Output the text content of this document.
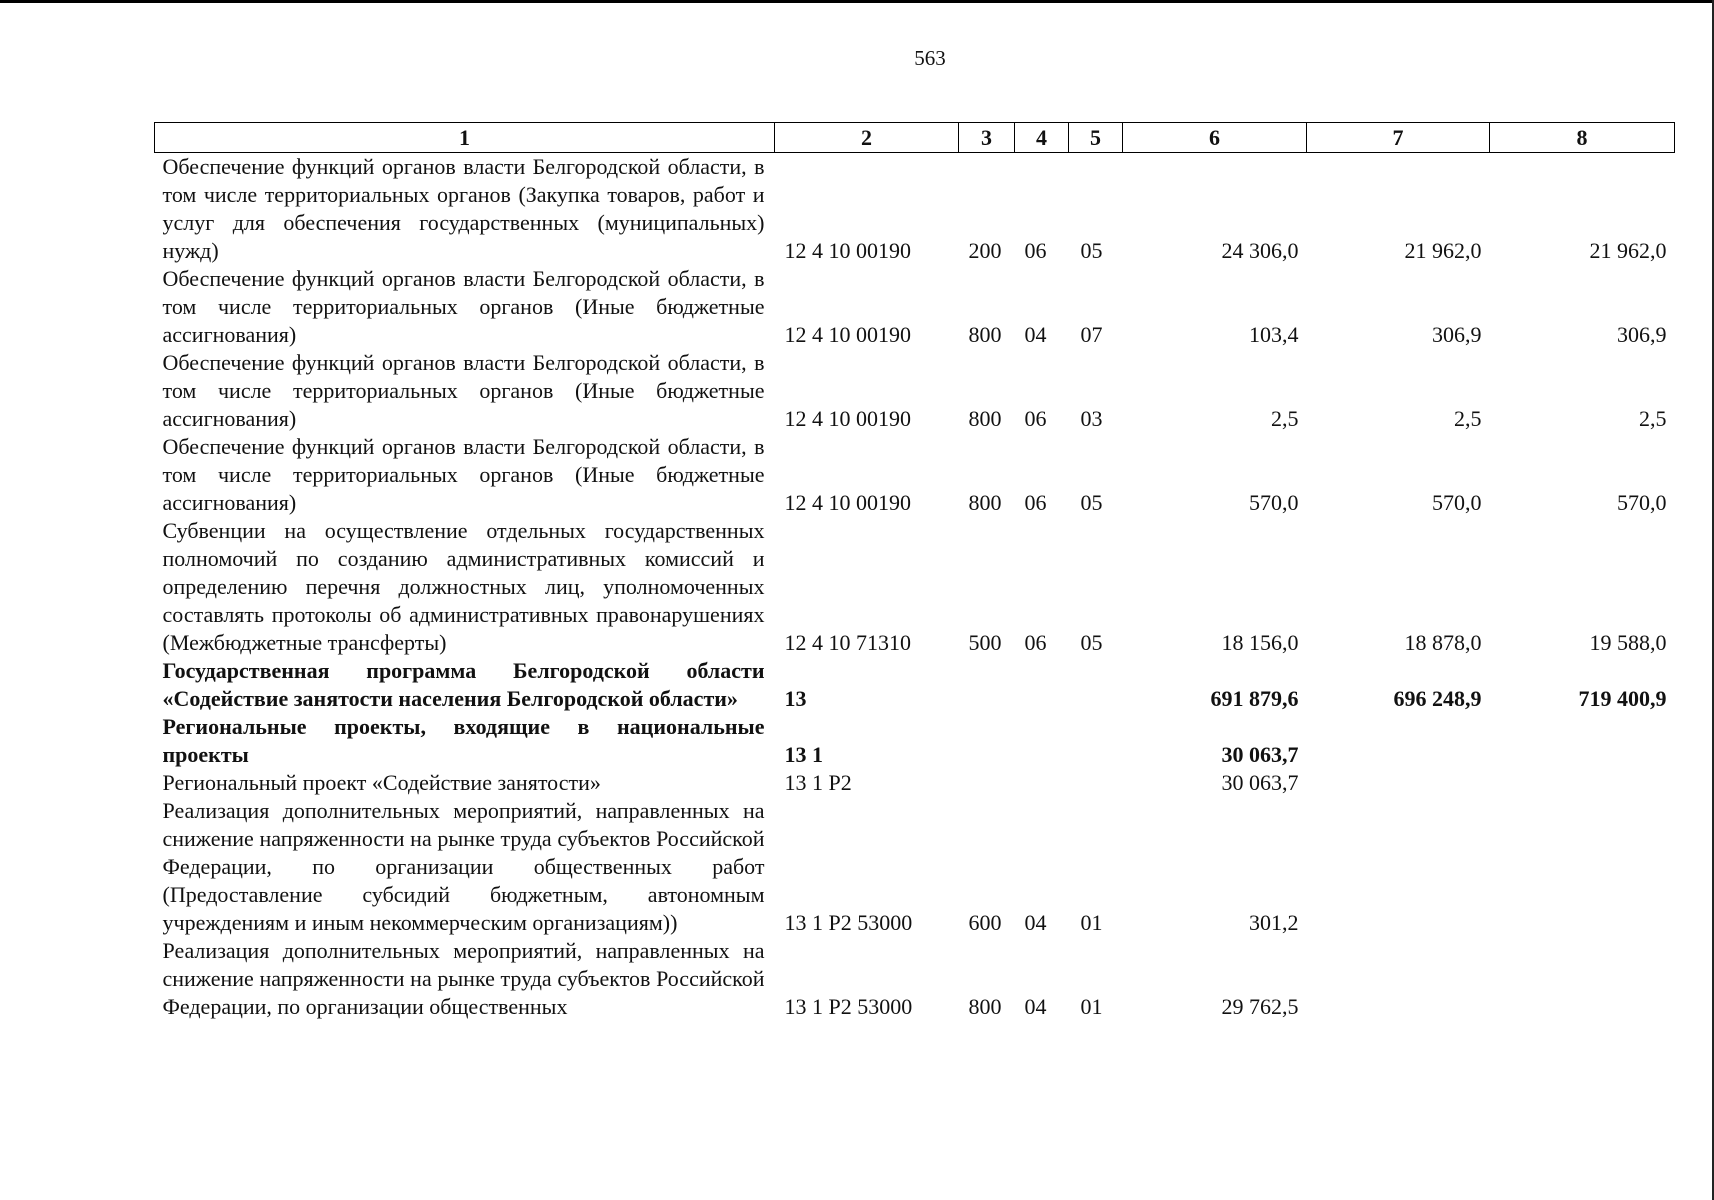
563
1	2	3	4	5	6	7	8
Обеспечение функций органов власти Белгородской области, в том числе территориальных органов (Закупка товаров, работ и услуг для обеспечения государственных (муниципальных) нужд)	12 4 10 00190	200	06	05	24 306,0	21 962,0	21 962,0
Обеспечение функций органов власти Белгородской области, в том числе территориальных органов (Иные бюджетные ассигнования)	12 4 10 00190	800	04	07	103,4	306,9	306,9
Обеспечение функций органов власти Белгородской области, в том числе территориальных органов (Иные бюджетные ассигнования)	12 4 10 00190	800	06	03	2,5	2,5	2,5
Обеспечение функций органов власти Белгородской области, в том числе территориальных органов (Иные бюджетные ассигнования)	12 4 10 00190	800	06	05	570,0	570,0	570,0
Субвенции на осуществление отдельных государственных полномочий по созданию административных комиссий и определению перечня должностных лиц, уполномоченных составлять протоколы об административных правонарушениях (Межбюджетные трансферты)	12 4 10 71310	500	06	05	18 156,0	18 878,0	19 588,0
Государственная программа Белгородской области «Содействие занятости населения Белгородской области»	13				691 879,6	696 248,9	719 400,9
Региональные проекты, входящие в национальные проекты	13 1				30 063,7		
Региональный проект «Содействие занятости»	13 1 P2				30 063,7		
Реализация дополнительных мероприятий, направленных на снижение напряженности на рынке труда субъектов Российской Федерации, по организации общественных работ (Предоставление субсидий бюджетным, автономным учреждениям и иным некоммерческим организациям))	13 1 P2 53000	600	04	01	301,2		
Реализация дополнительных мероприятий, направленных на снижение напряженности на рынке труда субъектов Российской Федерации, по организации общественных	13 1 P2 53000	800	04	01	29 762,5		
